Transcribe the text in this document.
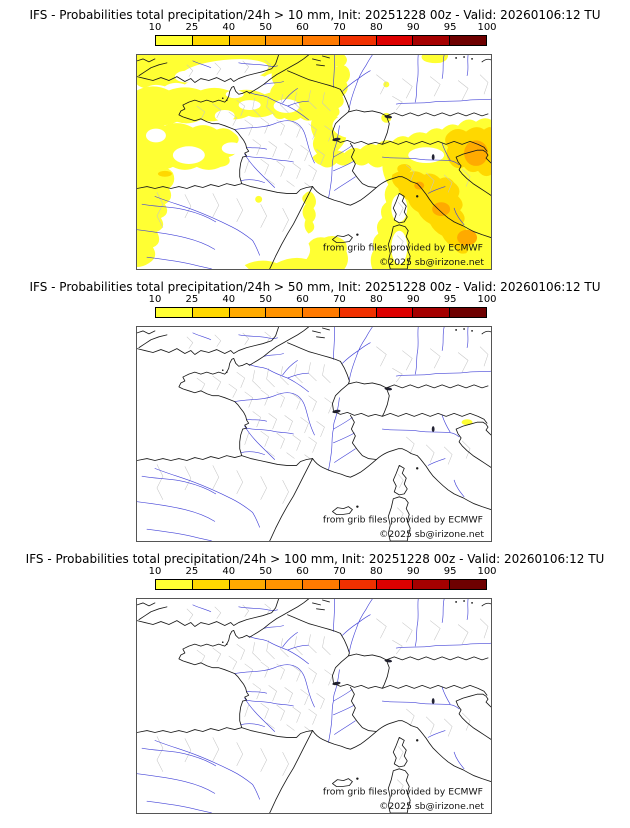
IFS - Probabilities total precipitation/24h > 10 mm, Init: 20251228 00z - Valid: 20260106:12 TU
10 25 40 50 60 70 80 90 95 100
from grib files provided by ECMWF
©2025 sb@irizone.net
IFS - Probabilities total precipitation/24h > 50 mm, Init: 20251228 00z - Valid: 20260106:12 TU
10 25 40 50 60 70 80 90 95 100
from grib files provided by ECMWF
©2025 sb@irizone.net
IFS - Probabilities total precipitation/24h > 100 mm, Init: 20251228 00z - Valid: 20260106:12 TU
10 25 40 50 60 70 80 90 95 100
from grib files provided by ECMWF
©2025 sb@irizone.net
